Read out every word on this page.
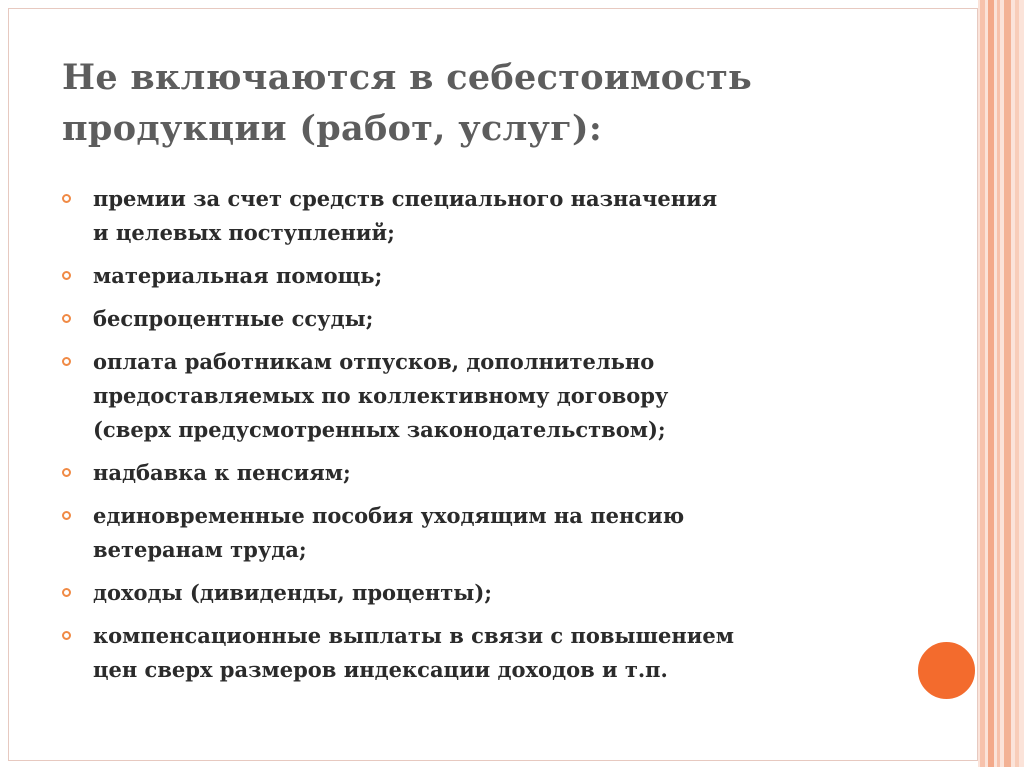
Не включаются в себестоимость
продукции (работ, услуг):
премии за счет средств специального назначения
и целевых поступлений;
материальная помощь;
беспроцентные ссуды;
оплата работникам отпусков, дополнительно
предоставляемых по коллективному договору
(сверх предусмотренных законодательством);
надбавка к пенсиям;
единовременные пособия уходящим на пенсию
ветеранам труда;
доходы (дивиденды, проценты);
компенсационные выплаты в связи с повышением
цен сверх размеров индексации доходов и т.п.
